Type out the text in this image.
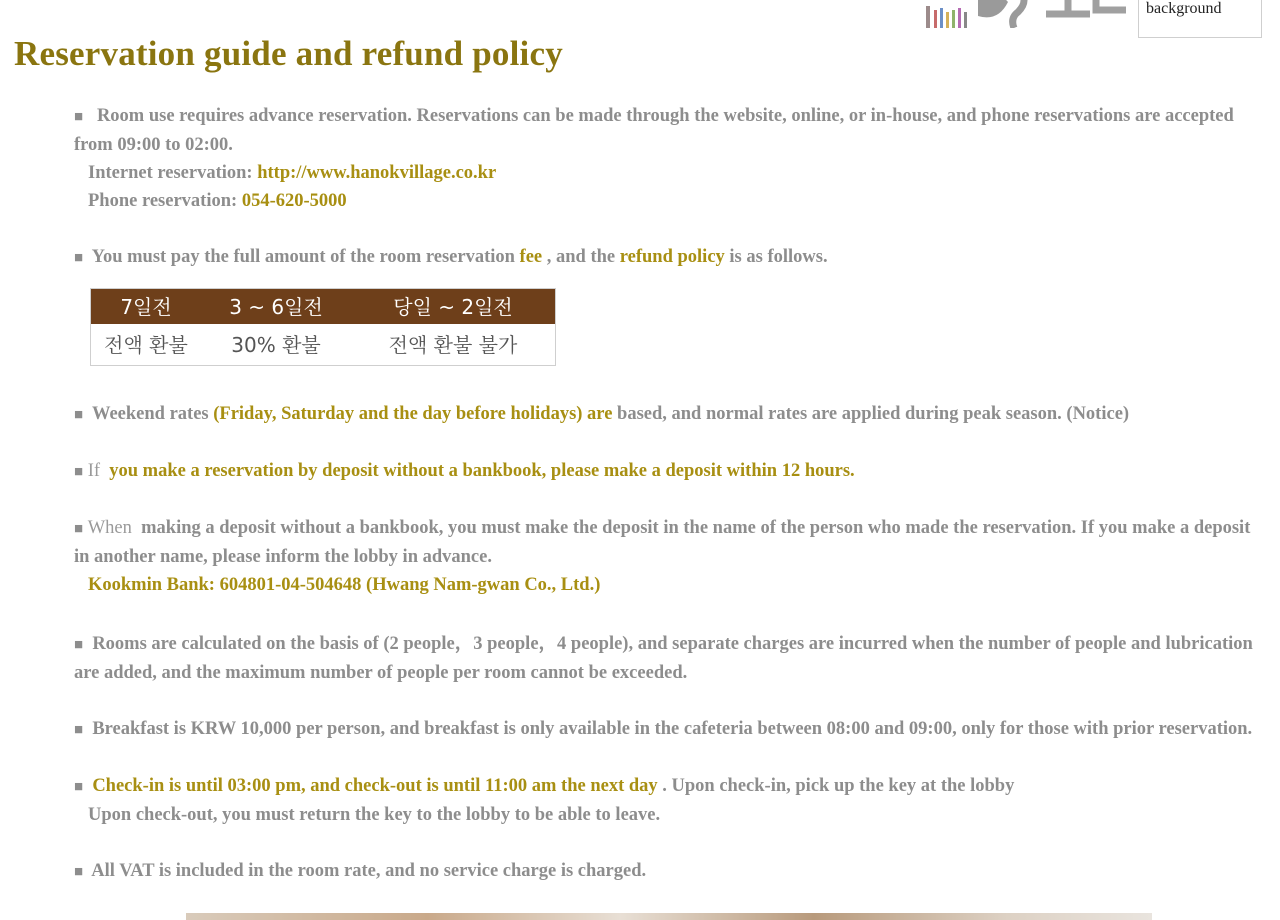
background
Reservation guide and refund policy

■ Room use requires advance reservation. Reservations can be made through the website, online, or in-house, and phone reservations are accepted from 09:00 to 02:00.
Internet reservation: http://www.hanokvillage.co.kr
Phone reservation: 054-620-5000

■ You must pay the full amount of the room reservation fee , and the refund policy is as follows.

7일전	3 ~ 6일전	당일 ~ 2일전
전액 환불	30% 환불	전액 환불 불가

■ Weekend rates (Friday, Saturday and the day before holidays) are based, and normal rates are applied during peak season. (Notice)

■ If you make a reservation by deposit without a bankbook, please make a deposit within 12 hours.

■ When making a deposit without a bankbook, you must make the deposit in the name of the person who made the reservation. If you make a deposit in another name, please inform the lobby in advance.
Kookmin Bank: 604801-04-504648 (Hwang Nam-gwan Co., Ltd.)

■ Rooms are calculated on the basis of (2 people，3 people，4 people), and separate charges are incurred when the number of people and lubrication are added, and the maximum number of people per room cannot be exceeded.

■ Breakfast is KRW 10,000 per person, and breakfast is only available in the cafeteria between 08:00 and 09:00, only for those with prior reservation.

■ Check-in is until 03:00 pm, and check-out is until 11:00 am the next day . Upon check-in, pick up the key at the lobby
Upon check-out, you must return the key to the lobby to be able to leave.

■ All VAT is included in the room rate, and no service charge is charged.
